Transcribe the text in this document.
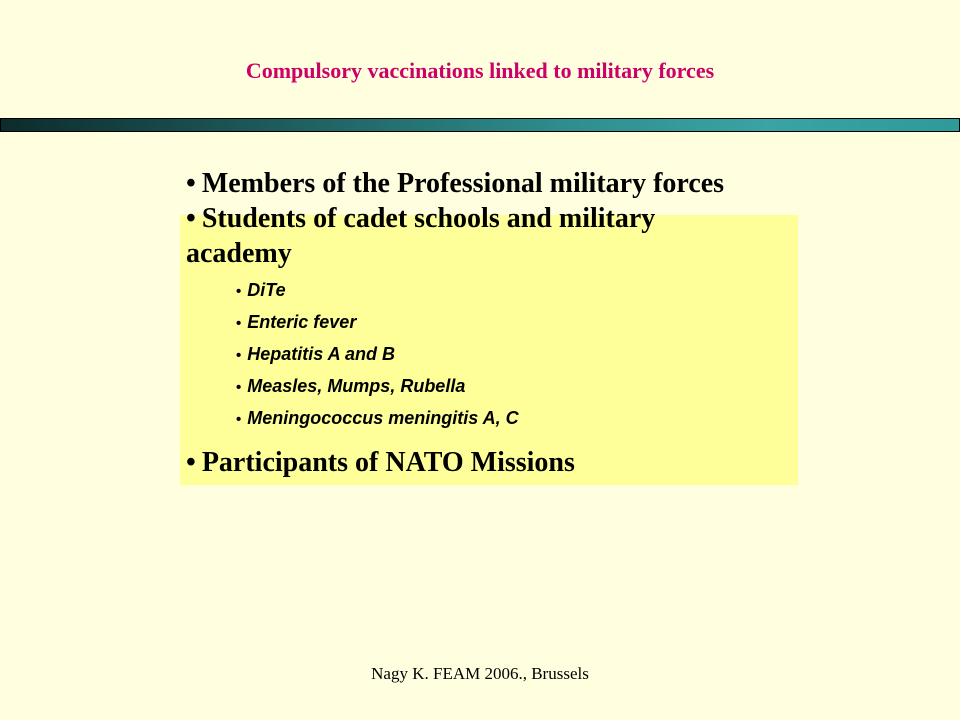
Compulsory vaccinations linked to military forces

• Members of the Professional military forces

• Students of cadet schools and military academy

• DiTe
• Enteric fever
• Hepatitis A and B
• Measles, Mumps, Rubella
• Meningococcus meningitis A, C

• Participants of NATO Missions

Nagy K. FEAM 2006., Brussels
